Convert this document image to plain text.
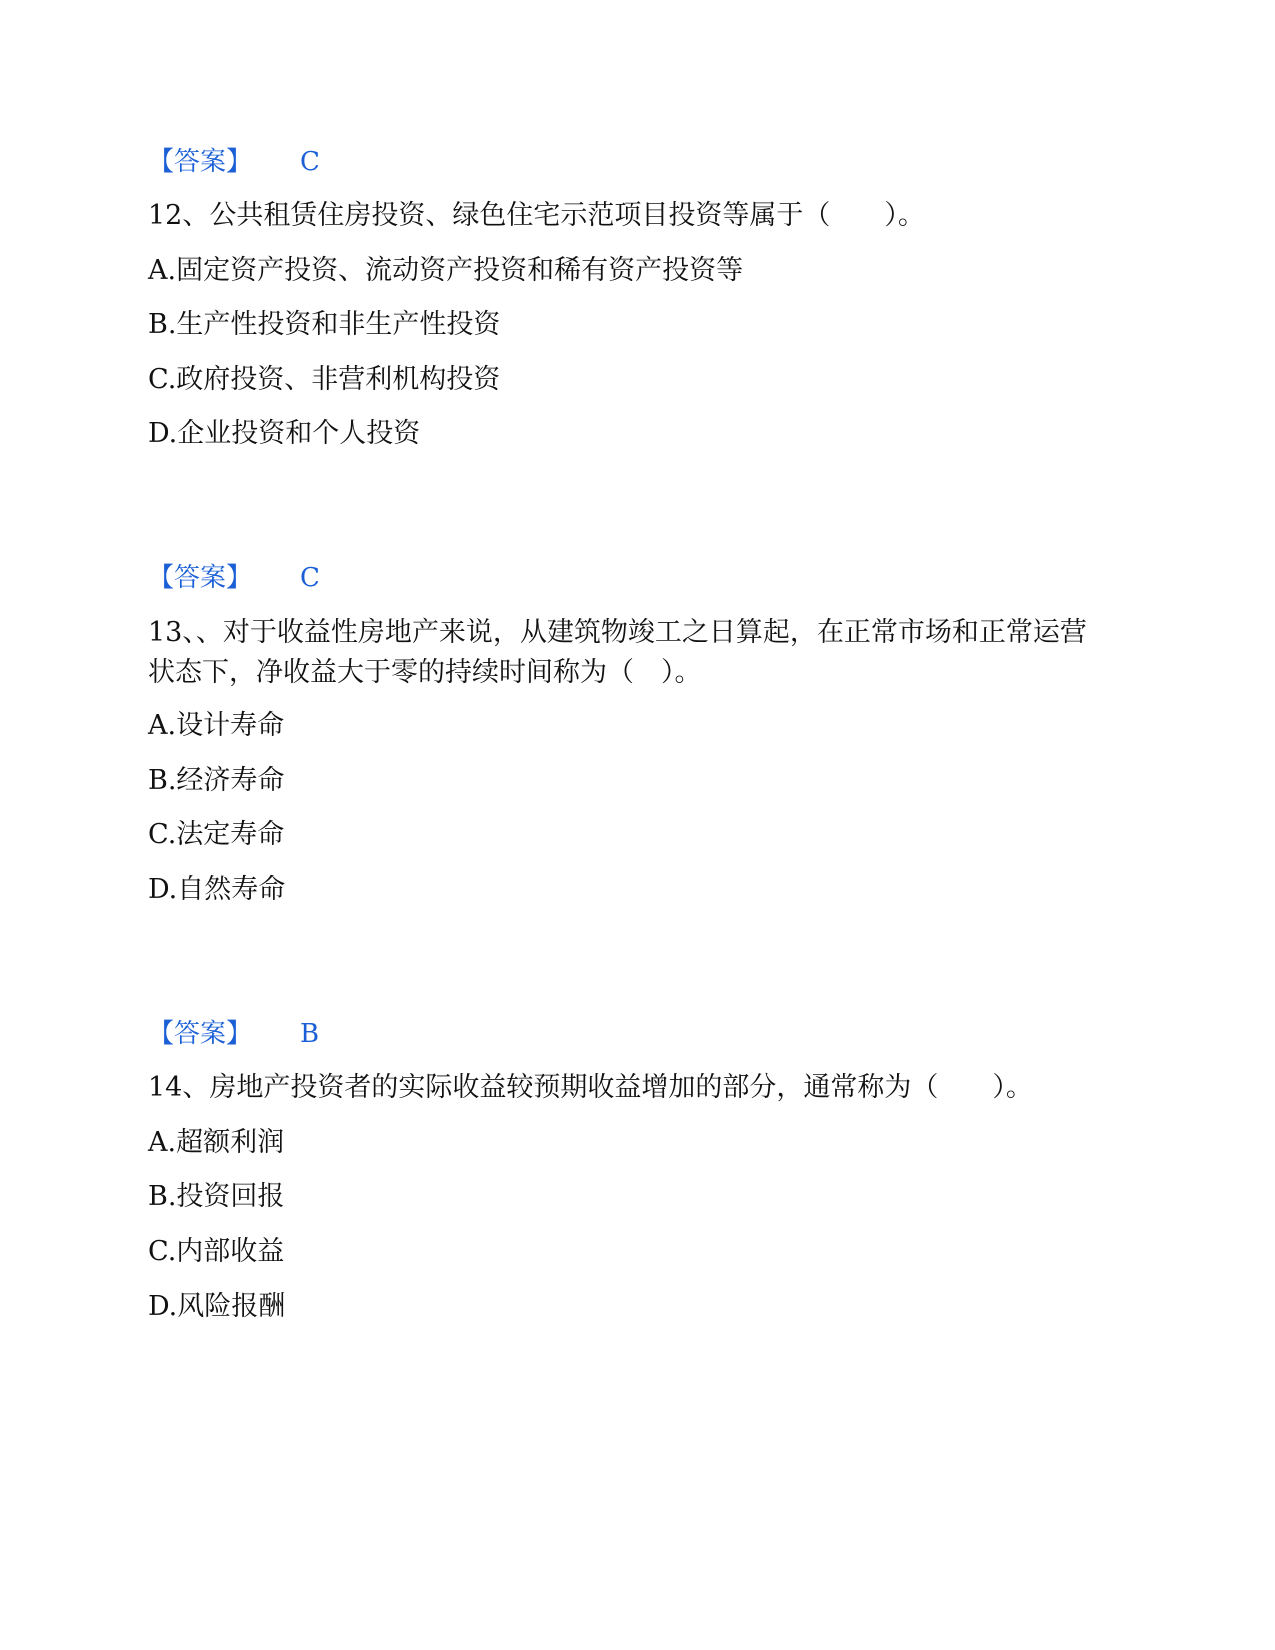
【答案】 C
12、公共租赁住房投资、绿色住宅示范项目投资等属于（　　）。
A.固定资产投资、流动资产投资和稀有资产投资等
B.生产性投资和非生产性投资
C.政府投资、非营利机构投资
D.企业投资和个人投资
【答案】 C
13、、对于收益性房地产来说，从建筑物竣工之日算起，在正常市场和正常运营状态下，净收益大于零的持续时间称为（　）。
A.设计寿命
B.经济寿命
C.法定寿命
D.自然寿命
【答案】 B
14、房地产投资者的实际收益较预期收益增加的部分，通常称为（　　）。
A.超额利润
B.投资回报
C.内部收益
D.风险报酬
